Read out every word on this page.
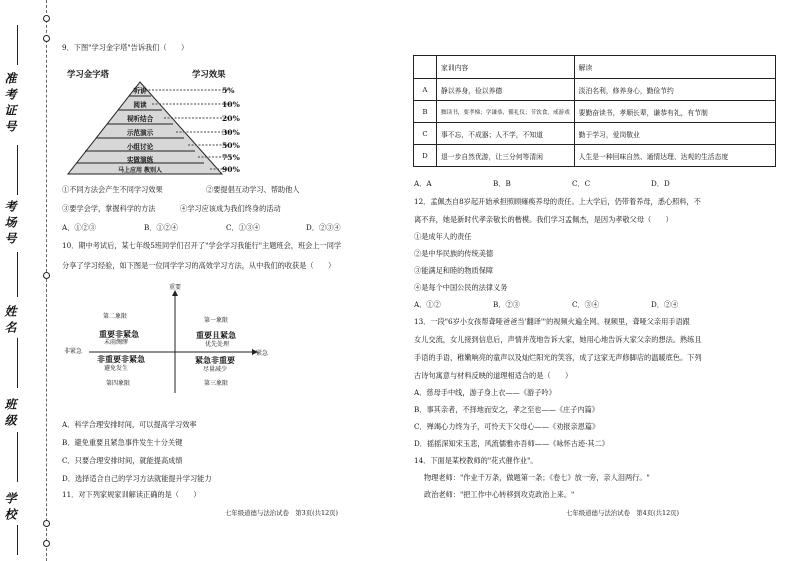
准考证号
考场号
姓名
班级
学校
9．下图"学习金字塔"告诉我们（　　）
学习金字塔	学习效果
听讲
阅读
视听结合
示范演示
小组讨论
实做演练
马上应用 教别人
5%
10%
20%
30%
50%
75%
90%
①不同方法会产生不同学习效果	②要提倡互动学习、帮助他人
③要学会学，掌握科学的方法	④学习应该成为我们终身的活动
A．①②③	B．①②④	C．①③④	D．②③④
10．期中考试后，某七年级5班同学们召开了"学会学习我能行"主题班会，班会上一同学
分享了学习经验，如下图是一位同学学习的高效学习方法，从中我们的收获是（　　）
重要
非紧急	紧急
第二象限
重要非紧急
未雨绸缪
第一象限
重要且紧急
优先处理
非重要非紧急
避免发生
第四象限
紧急非重要
尽量减少
第三象限
A．科学合理安排时间，可以提高学习效率
B．避免重要且紧急事件发生十分关键
C．只要合理安排时间，就能提高成绩
D．选择适合自己的学习方法就能提升学习能力
11．对下列家规家训解读正确的是（　　）
七年级道德与法治试卷　第3页(共12页)
	家训内容	解读
A	静以养身，俭以养德	淡泊名利，修养身心，勤俭节约
B	黜读书，要孝悌；学谦恭，循礼仪；节饮食，戒游戏	要勤奋读书，孝顺长辈，谦恭有礼，有节制
C	事不忘，不成器；人不学，不知道	勤于学习，爱岗敬业
D	退一步自然优游，让三分何等清闲	人生是一种回味自然、通情达理、达观的生活态度
A．A	B．B	C．C	D．D
12．孟佩杰自8岁起开始承担照顾瘫痪养母的责任。上大学后，仍带着养母，悉心照料，不
离不弃，她是新时代孝亲敬长的楷模。我们学习孟佩杰，是因为孝敬父母（　　）
①是成年人的责任
②是中华民族的传统美德
③能满足和睦的物质保障
④是每个中国公民的法律义务
A．①②	B．②③	C．③④	D．②④
13．一段"6岁小女孩帮聋哑爸爸当'翻译'"的视频火遍全网。视频里，聋哑父亲用手语跟
女儿交流，女儿接到信息后，声情并茂地告诉大家，她用心地告诉大家父亲的想法。熟练且
手语的手语，稚嫩响亮的童声以及灿烂阳光的笑容，成了这家无声修脚店的温暖底色。下列
古诗句寓意与材料反映的道理相适合的是（　　）
A．慈母手中线，游子身上衣——《游子吟》
B．事其亲者，不择地而安之，孝之至也——《庄子内篇》
C．殚竭心力终为子，可怜天下父母心——《劝报亲恩篇》
D．摇摇深知宋玉悲，风流儒雅亦吾师——《咏怀古迹·其二》
14．下面是某校教师的"花式催作业"。
物理老师："作业千万条，做题第一条；《卷七》放一旁，亲人泪两行。"
政治老师："把工作中心转移到攻克政治上来。"
七年级道德与法治试卷　第4页(共12页)
